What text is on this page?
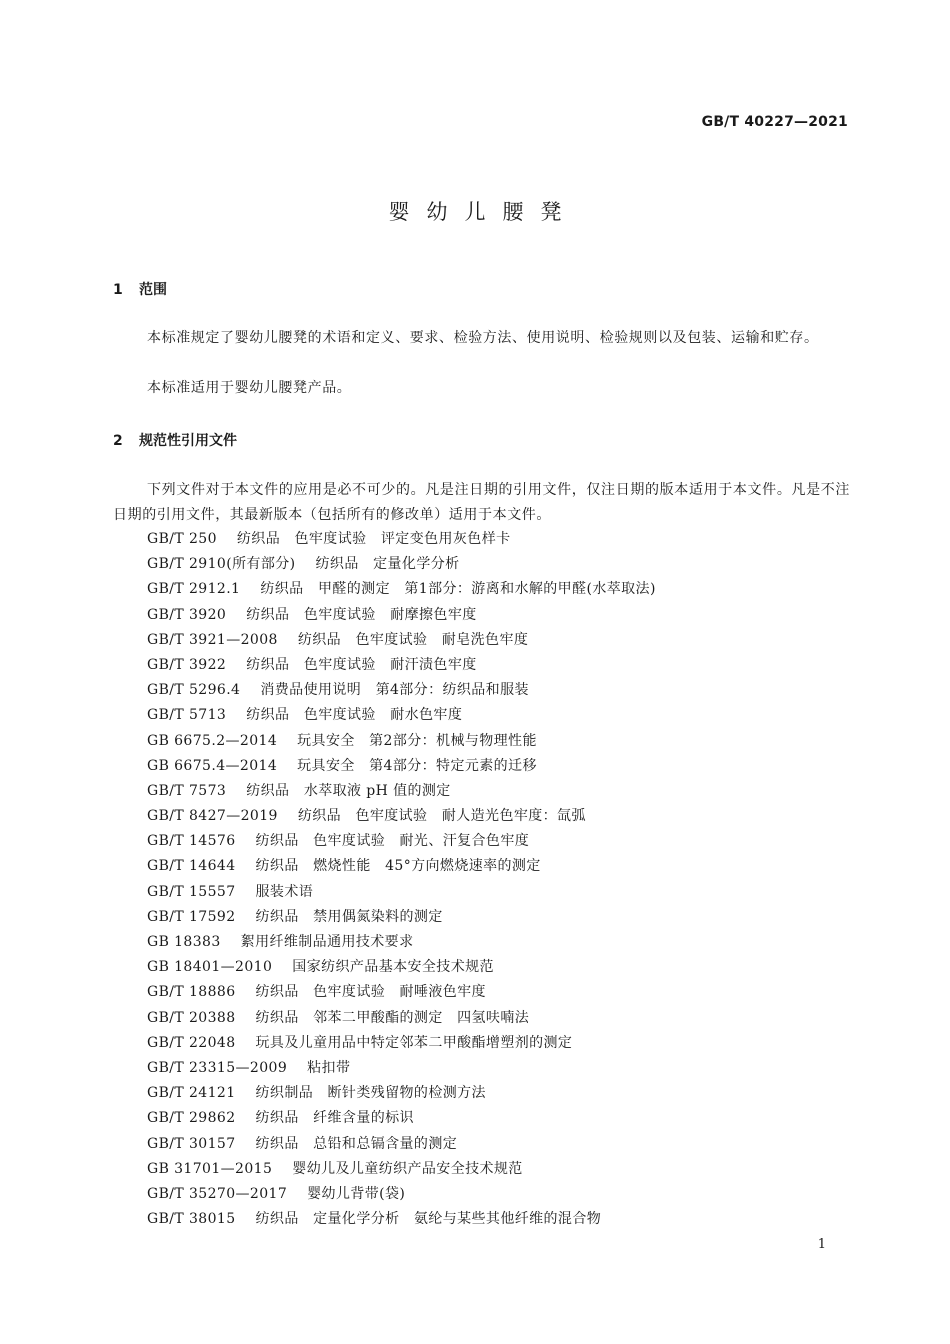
GB/T 40227—2021
婴幼儿腰凳
1 范围
本标准规定了婴幼儿腰凳的术语和定义、要求、检验方法、使用说明、检验规则以及包装、运输和贮存。
本标准适用于婴幼儿腰凳产品。
2 规范性引用文件
下列文件对于本文件的应用是必不可少的。凡是注日期的引用文件，仅注日期的版本适用于本文件。凡是不注日期的引用文件，其最新版本（包括所有的修改单）适用于本文件。
GB/T 250 纺织品　色牢度试验　评定变色用灰色样卡
GB/T 2910(所有部分) 纺织品　定量化学分析
GB/T 2912.1 纺织品　甲醛的测定　第1部分：游离和水解的甲醛(水萃取法)
GB/T 3920 纺织品　色牢度试验　耐摩擦色牢度
GB/T 3921—2008 纺织品　色牢度试验　耐皂洗色牢度
GB/T 3922 纺织品　色牢度试验　耐汗渍色牢度
GB/T 5296.4 消费品使用说明　第4部分：纺织品和服装
GB/T 5713 纺织品　色牢度试验　耐水色牢度
GB 6675.2—2014 玩具安全　第2部分：机械与物理性能
GB 6675.4—2014 玩具安全　第4部分：特定元素的迁移
GB/T 7573 纺织品　水萃取液 pH 值的测定
GB/T 8427—2019 纺织品　色牢度试验　耐人造光色牢度：氙弧
GB/T 14576 纺织品　色牢度试验　耐光、汗复合色牢度
GB/T 14644 纺织品　燃烧性能　45°方向燃烧速率的测定
GB/T 15557 服装术语
GB/T 17592 纺织品　禁用偶氮染料的测定
GB 18383 絮用纤维制品通用技术要求
GB 18401—2010 国家纺织产品基本安全技术规范
GB/T 18886 纺织品　色牢度试验　耐唾液色牢度
GB/T 20388 纺织品　邻苯二甲酸酯的测定　四氢呋喃法
GB/T 22048 玩具及儿童用品中特定邻苯二甲酸酯增塑剂的测定
GB/T 23315—2009 粘扣带
GB/T 24121 纺织制品　断针类残留物的检测方法
GB/T 29862 纺织品　纤维含量的标识
GB/T 30157 纺织品　总铅和总镉含量的测定
GB 31701—2015 婴幼儿及儿童纺织产品安全技术规范
GB/T 35270—2017 婴幼儿背带(袋)
GB/T 38015 纺织品　定量化学分析　氨纶与某些其他纤维的混合物
1
